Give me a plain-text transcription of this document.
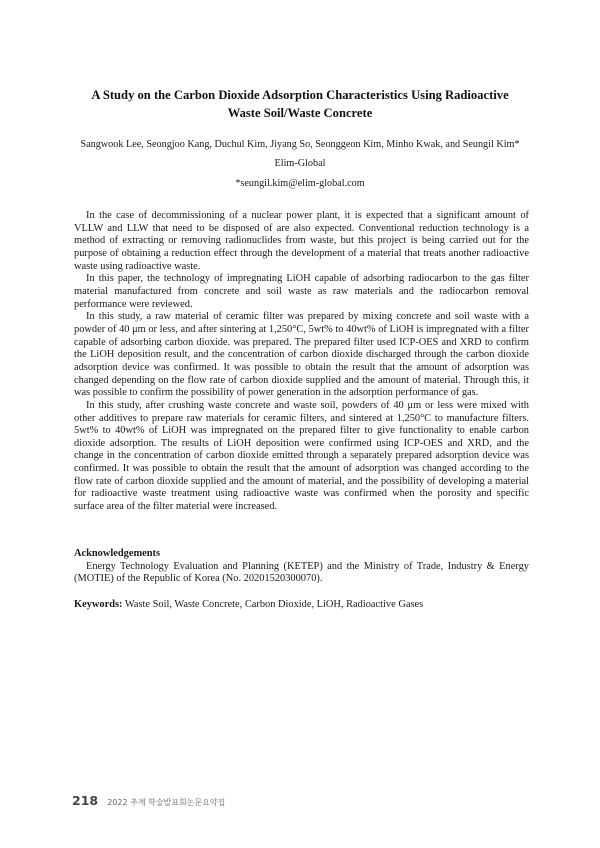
A Study on the Carbon Dioxide Adsorption Characteristics Using Radioactive
Waste Soil/Waste Concrete
Sangwook Lee, Seongjoo Kang, Duchul Kim, Jiyang So, Seonggeon Kim, Minho Kwak, and Seungil Kim*
Elim-Global
*seungil.kim@elim-global.com

In the case of decommissioning of a nuclear power plant, it is expected that a significant amount of VLLW and LLW that need to be disposed of are also expected. Conventional reduction technology is a method of extracting or removing radionuclides from waste, but this project is being carried out for the purpose of obtaining a reduction effect through the development of a material that treats another radioactive waste using radioactive waste.

In this paper, the technology of impregnating LiOH capable of adsorbing radiocarbon to the gas filter material manufactured from concrete and soil waste as raw materials and the radiocarbon removal performance were reviewed.

In this study, a raw material of ceramic filter was prepared by mixing concrete and soil waste with a powder of 40 μm or less, and after sintering at 1,250°C, 5wt% to 40wt% of LiOH is impregnated with a filter capable of adsorbing carbon dioxide. was prepared. The prepared filter used ICP-OES and XRD to confirm the LiOH deposition result, and the concentration of carbon dioxide discharged through the carbon dioxide adsorption device was confirmed. It was possible to obtain the result that the amount of adsorption was changed depending on the flow rate of carbon dioxide supplied and the amount of material. Through this, it was possible to confirm the possibility of power generation in the adsorption performance of gas.

In this study, after crushing waste concrete and waste soil, powders of 40 μm or less were mixed with other additives to prepare raw materials for ceramic filters, and sintered at 1,250°C to manufacture filters. 5wt% to 40wt% of LiOH was impregnated on the prepared filter to give functionality to enable carbon dioxide adsorption. The results of LiOH deposition were confirmed using ICP-OES and XRD, and the change in the concentration of carbon dioxide emitted through a separately prepared adsorption device was confirmed. It was possible to obtain the result that the amount of adsorption was changed according to the flow rate of carbon dioxide supplied and the amount of material, and the possibility of developing a material for radioactive waste treatment using radioactive waste was confirmed when the porosity and specific surface area of the filter material were increased.

Acknowledgements

Energy Technology Evaluation and Planning (KETEP) and the Ministry of Trade, Industry & Energy (MOTIE) of the Republic of Korea (No. 20201520300070).

Keywords: Waste Soil, Waste Concrete, Carbon Dioxide, LiOH, Radioactive Gases
218 2022 추계 학술발표회논문요약집
